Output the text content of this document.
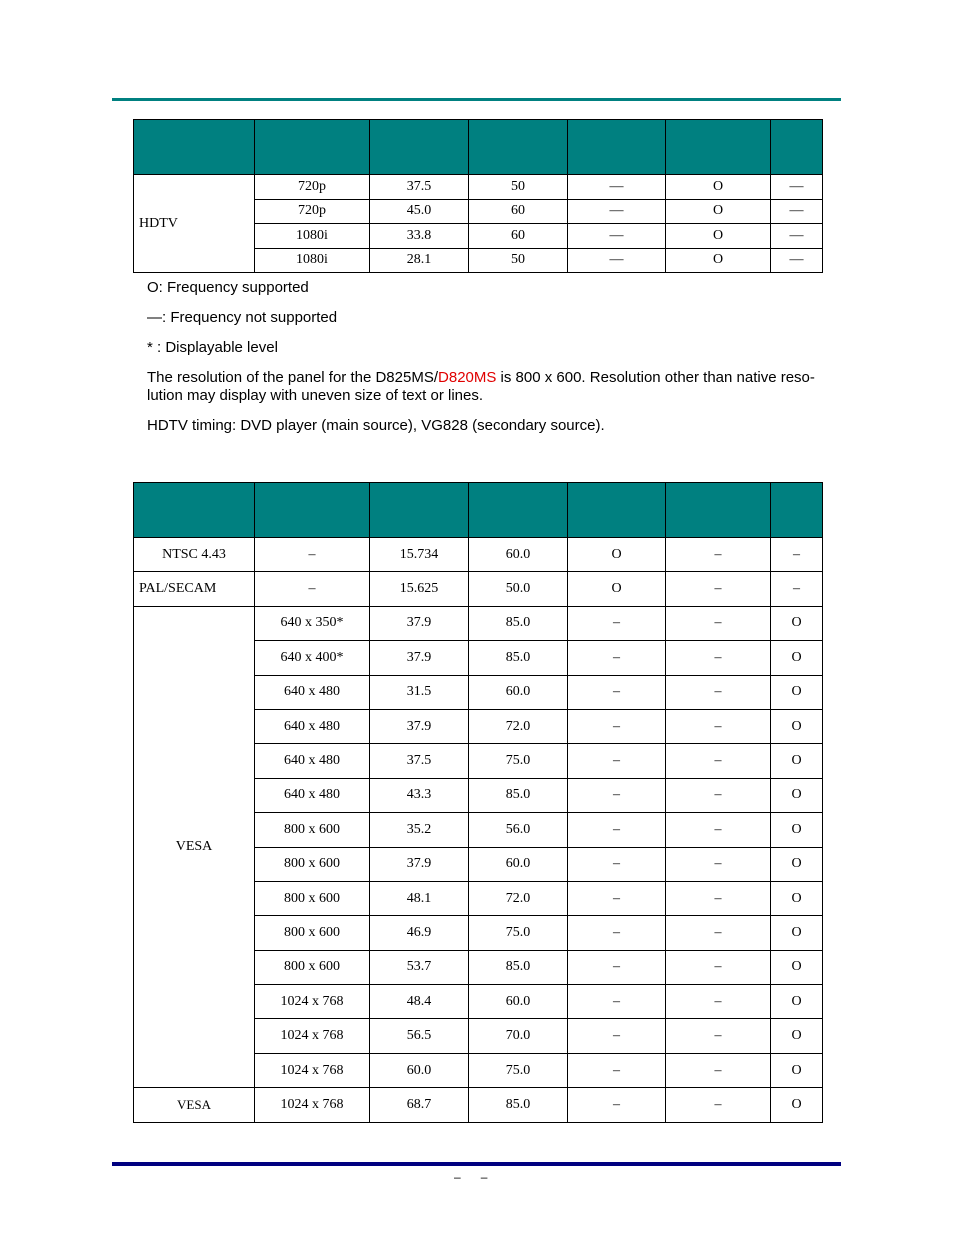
HDTV	720p	37.5	50	—	O	—
	720p	45.0	60	—	O	—
	1080i	33.8	60	—	O	—
	1080i	28.1	50	—	O	—

O: Frequency supported

—: Frequency not supported

* : Displayable level

The resolution of the panel for the D825MS/D820MS is 800 x 600. Resolution other than native reso-lution may display with uneven size of text or lines.

HDTV timing: DVD player (main source), VG828 (secondary source).

NTSC 4.43	–	15.734	60.0	O	–	–
PAL/SECAM	–	15.625	50.0	O	–	–
VESA	640 x 350*	37.9	85.0	–	–	O
	640 x 400*	37.9	85.0	–	–	O
	640 x 480	31.5	60.0	–	–	O
	640 x 480	37.9	72.0	–	–	O
	640 x 480	37.5	75.0	–	–	O
	640 x 480	43.3	85.0	–	–	O
	800 x 600	35.2	56.0	–	–	O
	800 x 600	37.9	60.0	–	–	O
	800 x 600	48.1	72.0	–	–	O
	800 x 600	46.9	75.0	–	–	O
	800 x 600	53.7	85.0	–	–	O
	1024 x 768	48.4	60.0	–	–	O
	1024 x 768	56.5	70.0	–	–	O
	1024 x 768	60.0	75.0	–	–	O
VESA	1024 x 768	68.7	85.0	–	–	O
– –
